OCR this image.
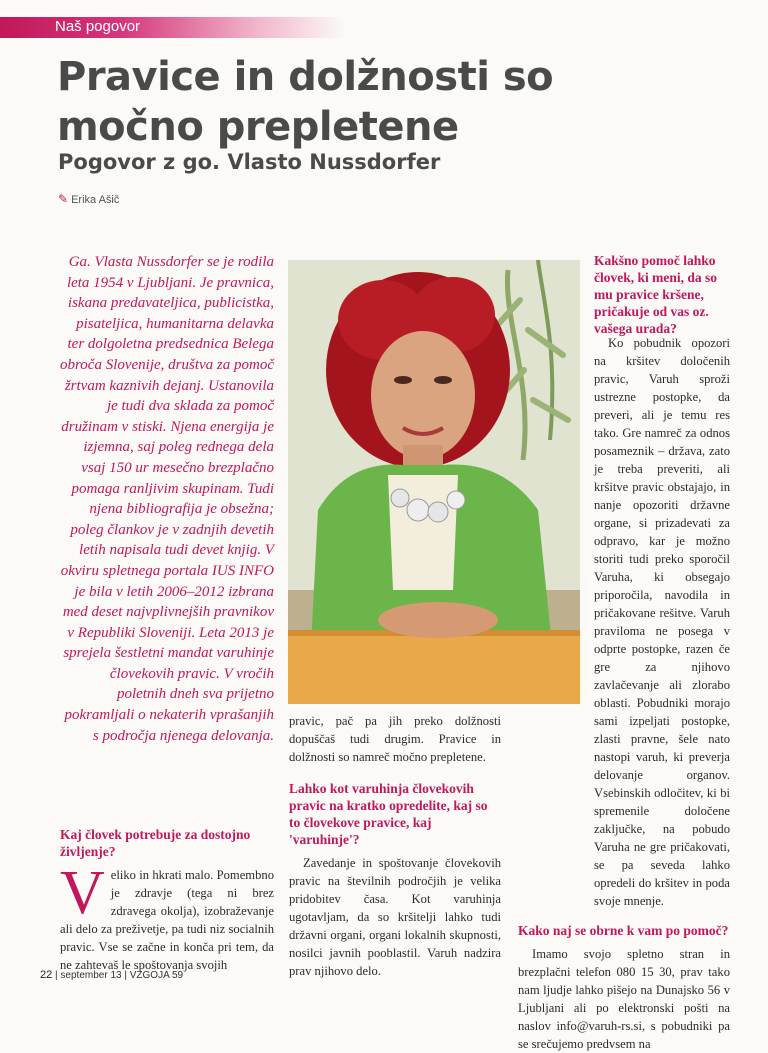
Naš pogovor
Pravice in dolžnosti so močno prepletene
Pogovor z go. Vlasto Nussdorfer
✎ Erika Ašič

Ga. Vlasta Nussdorfer se je rodila leta 1954 v Ljubljani. Je pravnica, iskana predavateljica, publicistka, pisateljica, humanitarna delavka ter dolgoletna predsednica Belega obroča Slovenije, društva za pomoč žrtvam kaznivih dejanj. Ustanovila je tudi dva sklada za pomoč družinam v stiski. Njena energija je izjemna, saj poleg rednega dela vsaj 150 ur mesečno brezplačno pomaga ranljivim skupinam. Tudi njena bibliografija je obsežna; poleg člankov je v zadnjih devetih letih napisala tudi devet knjig. V okviru spletnega portala IUS INFO je bila v letih 2006–2012 izbrana med deset najvplivnejših pravnikov v Republiki Sloveniji. Leta 2013 je sprejela šestletni mandat varuhinje človekovih pravic. V vročih poletnih dneh sva prijetno pokramljali o nekaterih vprašanjih s področja njenega delovanja.

Foto: arhiv Varuh človekovih pravic RS

Kaj človek potrebuje za dostojno življenje?

Veliko in hkrati malo. Pomembno je zdravje (tega ni brez zdravega okolja), izobraževanje ali delo za preživetje, pa tudi niz socialnih pravic. Vse se začne in konča pri tem, da ne zahtevaš le spoštovanja svojih

pravic, pač pa jih preko dolžnosti dopuščaš tudi drugim. Pravice in dolžnosti so namreč močno prepletene.

Lahko kot varuhinja človekovih pravic na kratko opredelite, kaj so to človekove pravice, kaj 'varuhinje'?

Zavedanje in spoštovanje človekovih pravic na številnih področjih je velika pridobitev časa. Kot varuhinja ugotavljam, da so kršitelji lahko tudi državni organi, organi lokalnih skupnosti, nosilci javnih pooblastil. Varuh nadzira prav njihovo delo.

Kakšno pomoč lahko človek, ki meni, da so mu pravice kršene, pričakuje od vas oz. vašega urada?

Ko pobudnik opozori na kršitev določenih pravic, Varuh sproži ustrezne postopke, da preveri, ali je temu res tako. Gre namreč za odnos posameznik – država, zato je treba preveriti, ali kršitve pravic obstajajo, in nanje opozoriti državne organe, si prizadevati za odpravo, kar je možno storiti tudi preko sporočil Varuha, ki obsegajo priporočila, navodila in pričakovane rešitve. Varuh praviloma ne posega v odprte postopke, razen če gre za njihovo zavlačevanje ali zlorabo oblasti. Pobudniki morajo sami izpeljati postopke, zlasti pravne, šele nato nastopi varuh, ki preverja delovanje organov. Vsebinskih odločitev, ki bi spremenile določene zaključke, na pobudo Varuha ne gre pričakovati, se pa seveda lahko opredeli do kršitev in poda svoje mnenje.

Kako naj se obrne k vam po pomoč?

Imamo svojo spletno stran in brezplačni telefon 080 15 30, prav tako nam ljudje lahko pišejo na Dunajsko 56 v Ljubljani ali po elektronski pošti na naslov info@varuh-rs.si, s pobudniki pa se srečujemo predvsem na

22 | september 13 | VZGOJA 59
